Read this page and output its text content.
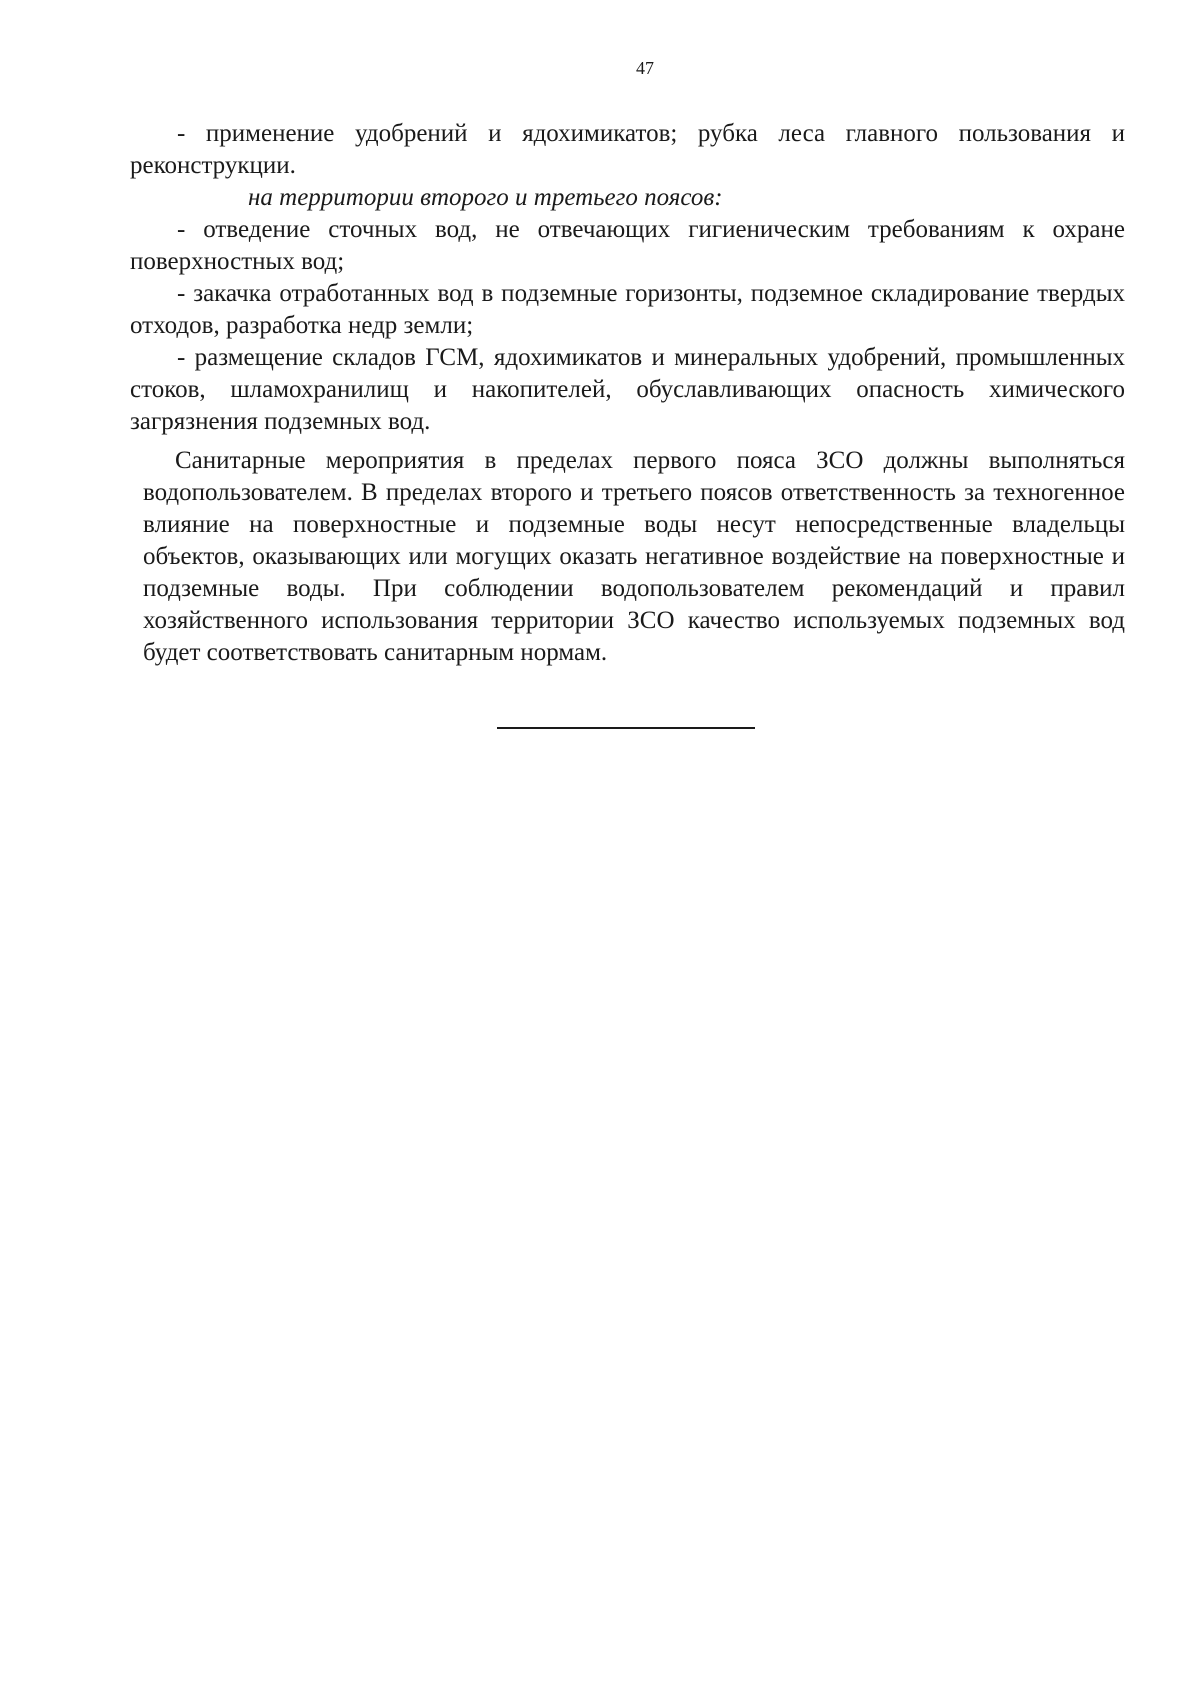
47

- применение удобрений и ядохимикатов; рубка леса главного пользования и реконструкции.

на территории второго и третьего поясов:

- отведение сточных вод, не отвечающих гигиеническим требованиям к охране поверхностных вод;

- закачка отработанных вод в подземные горизонты, подземное складирование твердых отходов, разработка недр земли;

- размещение складов ГСМ, ядохимикатов и минеральных удобрений, промышленных стоков, шламохранилищ и накопителей, обуславливающих опасность химического загрязнения подземных вод.

Санитарные мероприятия в пределах первого пояса ЗСО должны выполняться водопользователем. В пределах второго и третьего поясов ответственность за техногенное влияние на поверхностные и подземные воды несут непосредственные владельцы объектов, оказывающих или могущих оказать негативное воздействие на поверхностные и подземные воды. При соблюдении водопользователем рекомендаций и правил хозяйственного использования территории ЗСО качество используемых подземных вод будет соответствовать санитарным нормам.
